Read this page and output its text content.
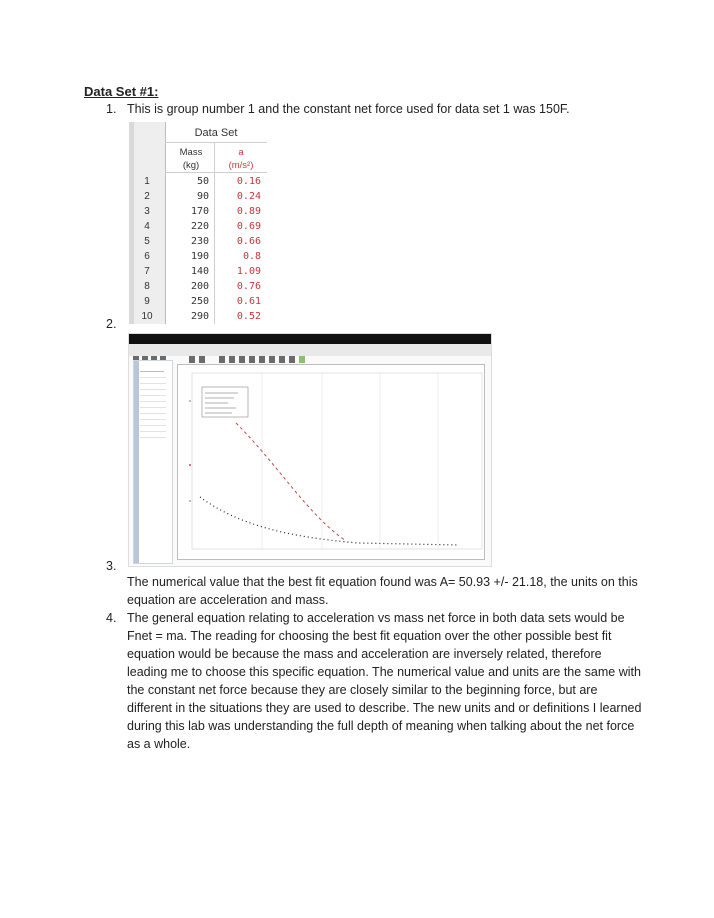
Data Set #1:
1. This is group number 1 and the constant net force used for data set 1 was 150F.
Data Set
Mass
(kg)
a
(m/s²)
1	50	0.16
2	90	0.24
3	170	0.89
4	220	0.69
5	230	0.66
6	190	0.8
7	140	1.09
8	200	0.76
9	250	0.61
10	290	0.52
2.
3.
The numerical value that the best fit equation found was A= 50.93 +/- 21.18, the units on this equation are acceleration and mass.
4. The general equation relating to acceleration vs mass net force in both data sets would be Fnet = ma. The reading for choosing the best fit equation over the other possible best fit equation would be because the mass and acceleration are inversely related, therefore leading me to choose this specific equation. The numerical value and units are the same with the constant net force because they are closely similar to the beginning force, but are different in the situations they are used to describe. The new units and or definitions I learned during this lab was understanding the full depth of meaning when talking about the net force as a whole.
